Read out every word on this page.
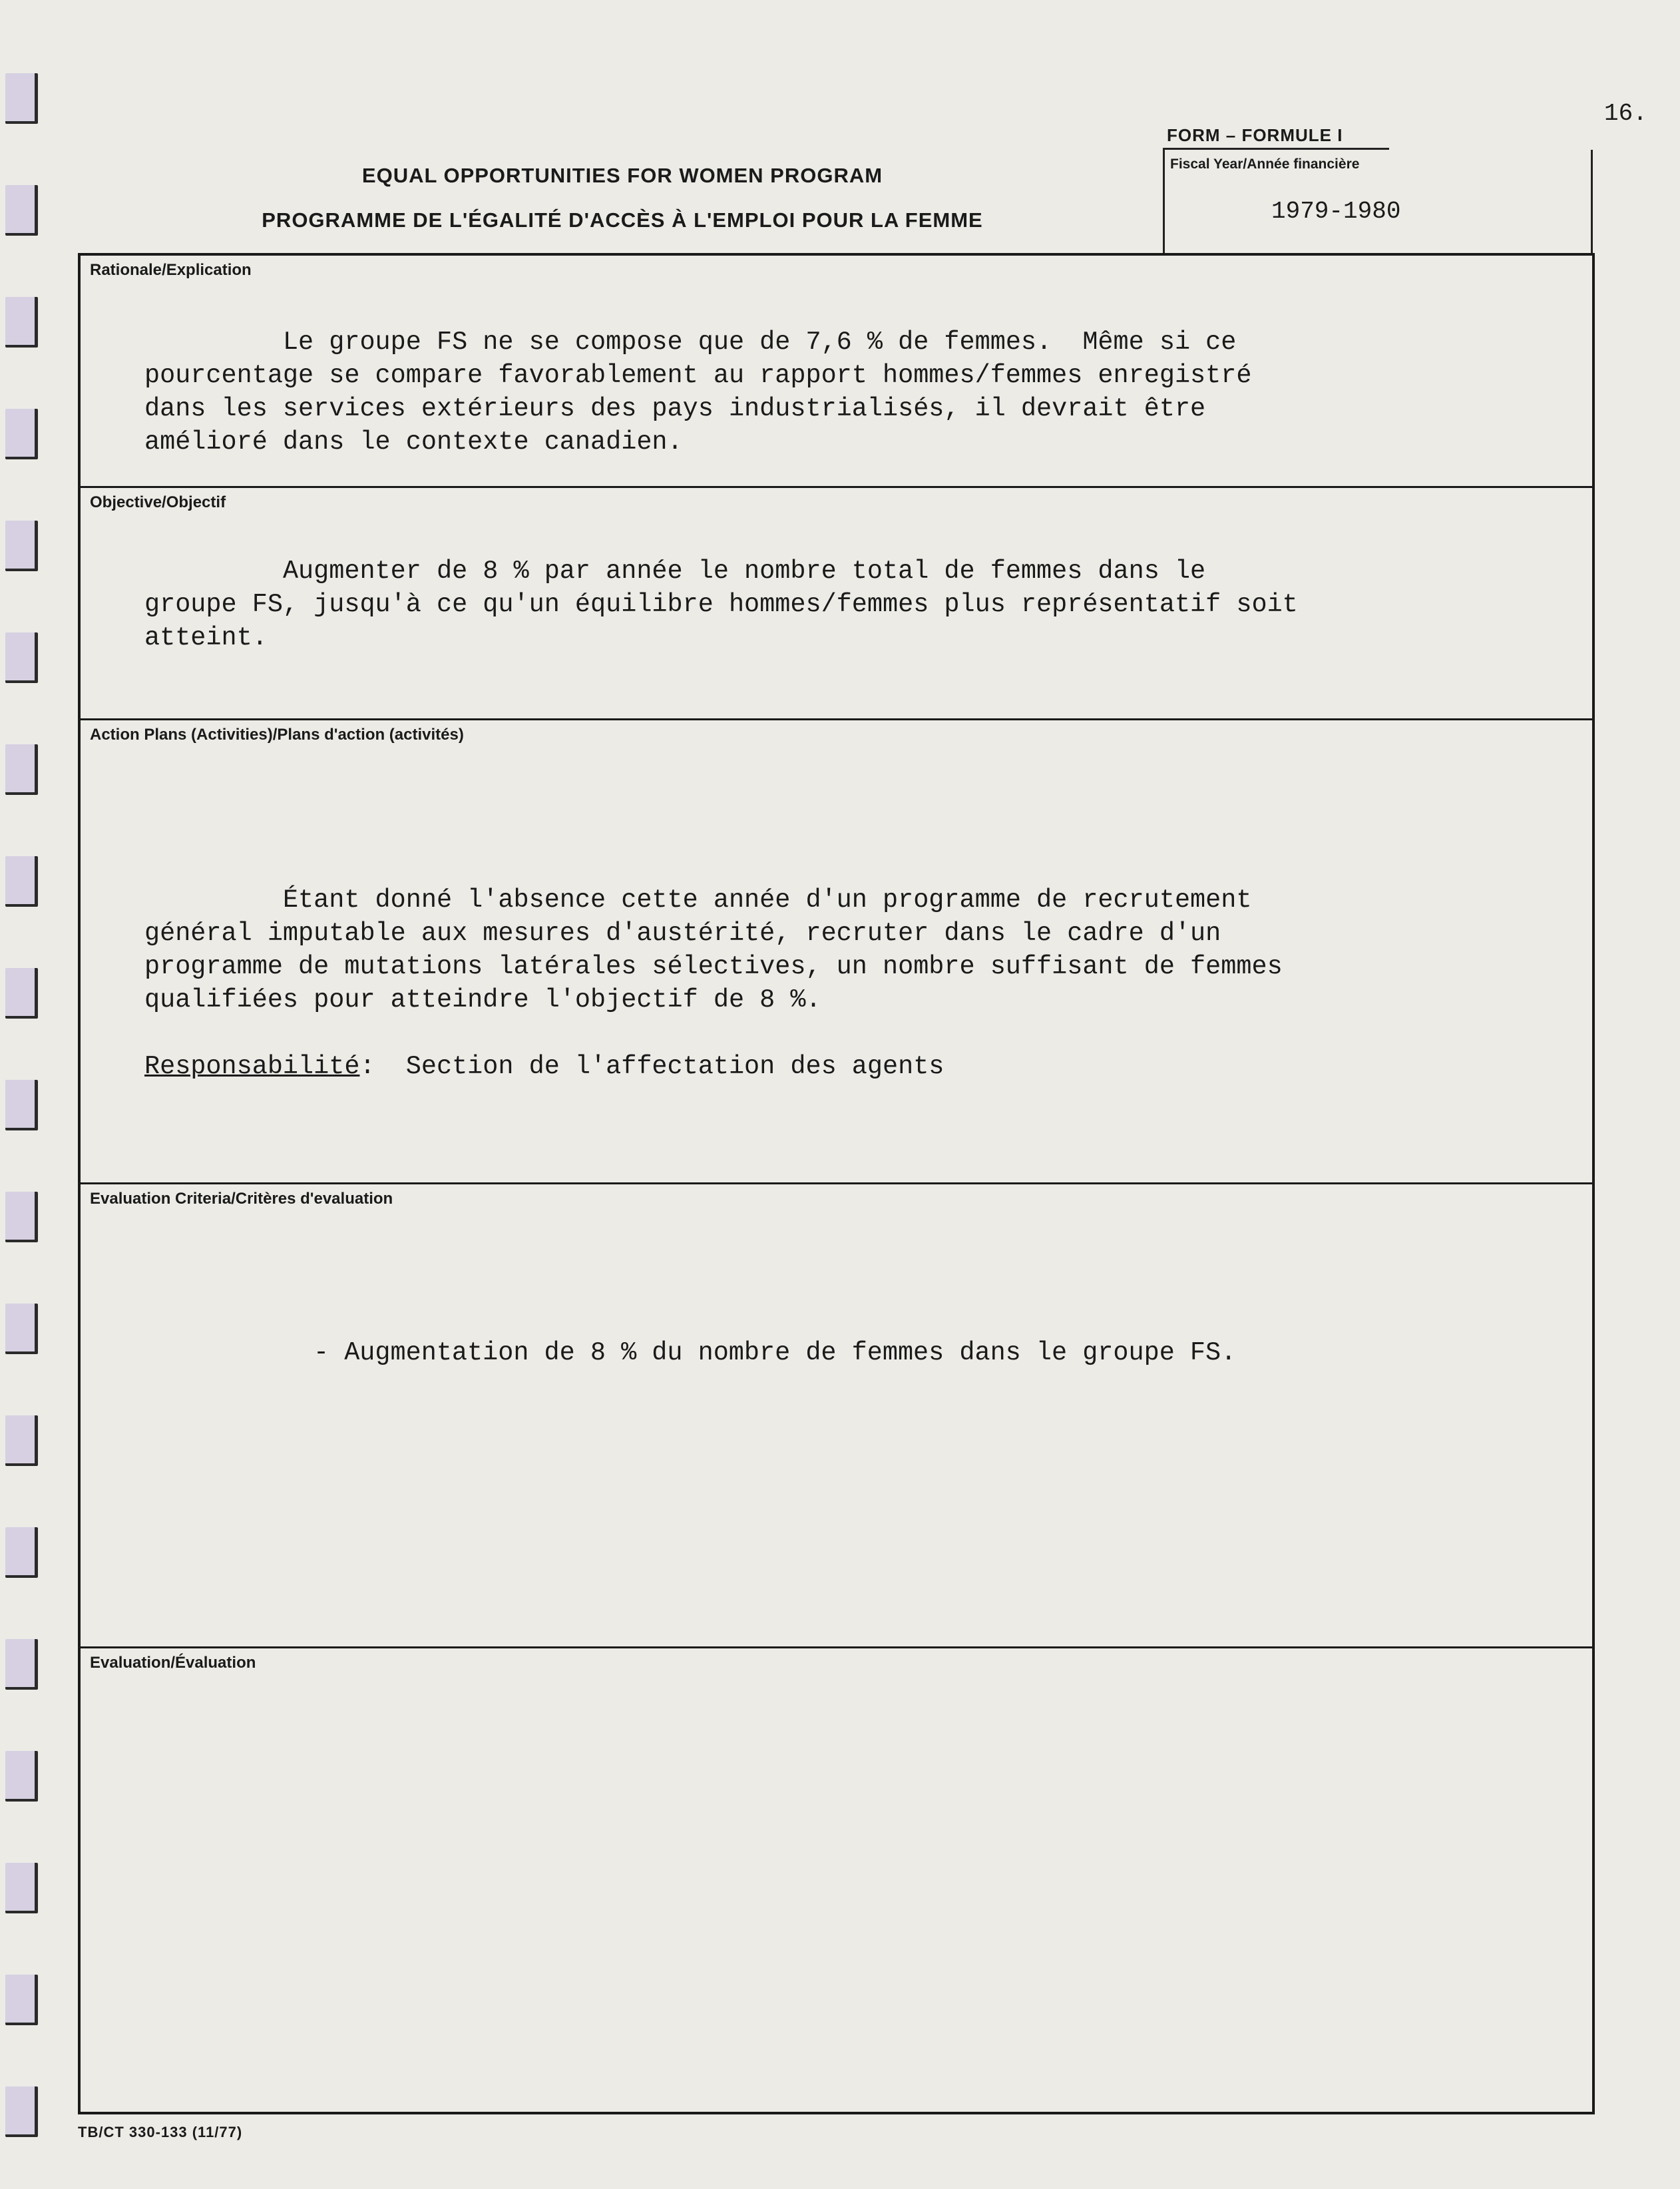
16.
EQUAL OPPORTUNITIES FOR WOMEN PROGRAM
PROGRAMME DE L'ÉGALITÉ D'ACCÈS À L'EMPLOI POUR LA FEMME
FORM – FORMULE I
Fiscal Year/Année financière
1979-1980
Rationale/Explication
Le groupe FS ne se compose que de 7,6 % de femmes.  Même si ce
pourcentage se compare favorablement au rapport hommes/femmes enregistré
dans les services extérieurs des pays industrialisés, il devrait être
amélioré dans le contexte canadien.
Objective/Objectif
Augmenter de 8 % par année le nombre total de femmes dans le
groupe FS, jusqu'à ce qu'un équilibre hommes/femmes plus représentatif soit
atteint.
Action Plans (Activities)/Plans d'action (activités)
Étant donné l'absence cette année d'un programme de recrutement
général imputable aux mesures d'austérité, recruter dans le cadre d'un
programme de mutations latérales sélectives, un nombre suffisant de femmes
qualifiées pour atteindre l'objectif de 8 %.
Responsabilité:  Section de l'affectation des agents
Evaluation Criteria/Critères d'evaluation
- Augmentation de 8 % du nombre de femmes dans le groupe FS.
Evaluation/Évaluation
TB/CT 330-133 (11/77)
